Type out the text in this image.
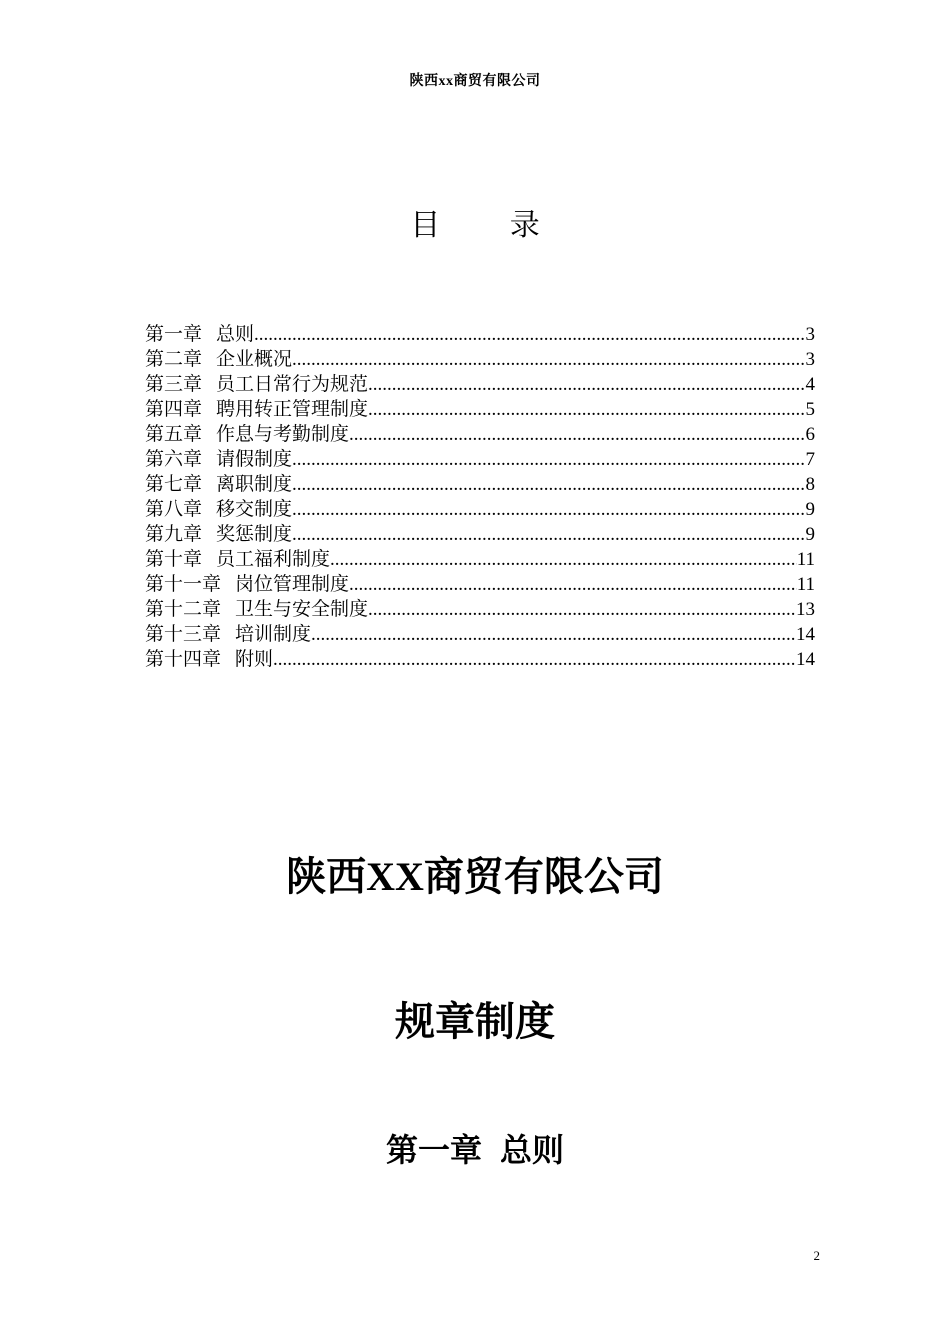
陕西xx商贸有限公司
目 录
第一章 总则 .....	3
第二章 企业概况 .....	3
第三章 员工日常行为规范 .....	4
第四章 聘用转正管理制度 .....	5
第五章 作息与考勤制度 .....	6
第六章 请假制度 .....	7
第七章 离职制度 .....	8
第八章 移交制度 .....	9
第九章 奖惩制度 .....	9
第十章 员工福利制度 .....	11
第十一章 岗位管理制度 .....	11
第十二章 卫生与安全制度 .....	13
第十三章 培训制度 .....	14
第十四章 附则 .....	14
陕西XX商贸有限公司
规章制度
第一章 总则
2
